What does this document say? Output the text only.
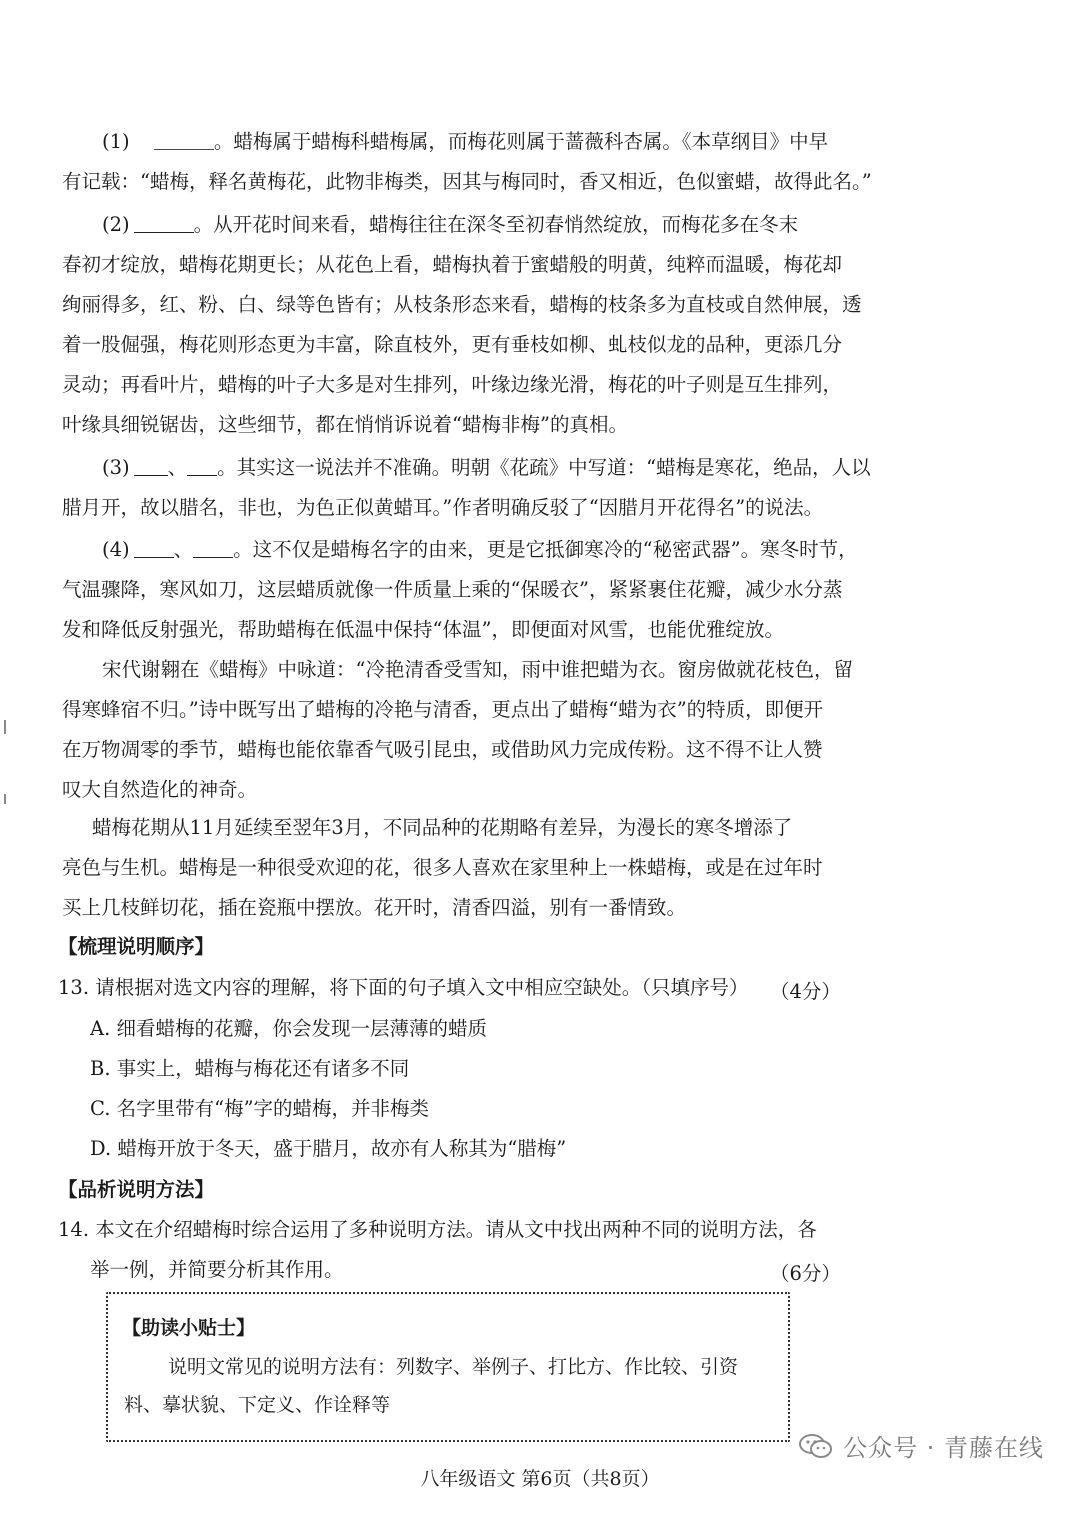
(1)	。蜡梅属于蜡梅科蜡梅属，而梅花则属于蔷薇科杏属。《本草纲目》中早
有记载：“蜡梅，释名黄梅花，此物非梅类，因其与梅同时，香又相近，色似蜜蜡，故得此名。”
(2)	。从开花时间来看，蜡梅往往在深冬至初春悄然绽放，而梅花多在冬末
春初才绽放，蜡梅花期更长；从花色上看，蜡梅执着于蜜蜡般的明黄，纯粹而温暖，梅花却
绚丽得多，红、粉、白、绿等色皆有；从枝条形态来看，蜡梅的枝条多为直枝或自然伸展，透
着一股倔强，梅花则形态更为丰富，除直枝外，更有垂枝如柳、虬枝似龙的品种，更添几分
灵动；再看叶片，蜡梅的叶子大多是对生排列，叶缘边缘光滑，梅花的叶子则是互生排列，
叶缘具细锐锯齿，这些细节，都在悄悄诉说着“蜡梅非梅”的真相。
(3) 、 。其实这一说法并不准确。明朝《花疏》中写道：“蜡梅是寒花，绝品，人以
腊月开，故以腊名，非也，为色正似黄蜡耳。”作者明确反驳了“因腊月开花得名”的说法。
(4) 、 。这不仅是蜡梅名字的由来，更是它抵御寒冷的“秘密武器”。寒冬时节，
气温骤降，寒风如刀，这层蜡质就像一件质量上乘的“保暖衣”，紧紧裹住花瓣，减少水分蒸
发和降低反射强光，帮助蜡梅在低温中保持“体温”，即便面对风雪，也能优雅绽放。
宋代谢翱在《蜡梅》中咏道：“冷艳清香受雪知，雨中谁把蜡为衣。窗房做就花枝色，留
得寒蜂宿不归。”诗中既写出了蜡梅的冷艳与清香，更点出了蜡梅“蜡为衣”的特质，即便开
在万物凋零的季节，蜡梅也能依靠香气吸引昆虫，或借助风力完成传粉。这不得不让人赞
叹大自然造化的神奇。
蜡梅花期从11月延续至翌年3月，不同品种的花期略有差异，为漫长的寒冬增添了
亮色与生机。蜡梅是一种很受欢迎的花，很多人喜欢在家里种上一株蜡梅，或是在过年时
买上几枝鲜切花，插在瓷瓶中摆放。花开时，清香四溢，别有一番情致。
【梳理说明顺序】
13. 请根据对选文内容的理解，将下面的句子填入文中相应空缺处。（只填序号）	（4分）
A. 细看蜡梅的花瓣，你会发现一层薄薄的蜡质
B. 事实上，蜡梅与梅花还有诸多不同
C. 名字里带有“梅”字的蜡梅，并非梅类
D. 蜡梅开放于冬天，盛于腊月，故亦有人称其为“腊梅”
【品析说明方法】
14. 本文在介绍蜡梅时综合运用了多种说明方法。请从文中找出两种不同的说明方法，各
举一例，并简要分析其作用。	（6分）
【助读小贴士】
说明文常见的说明方法有：列数字、举例子、打比方、作比较、引资料、摹状貌、下定义、作诠释等
公众号 · 青藤在线
八年级语文 第6页（共8页）
